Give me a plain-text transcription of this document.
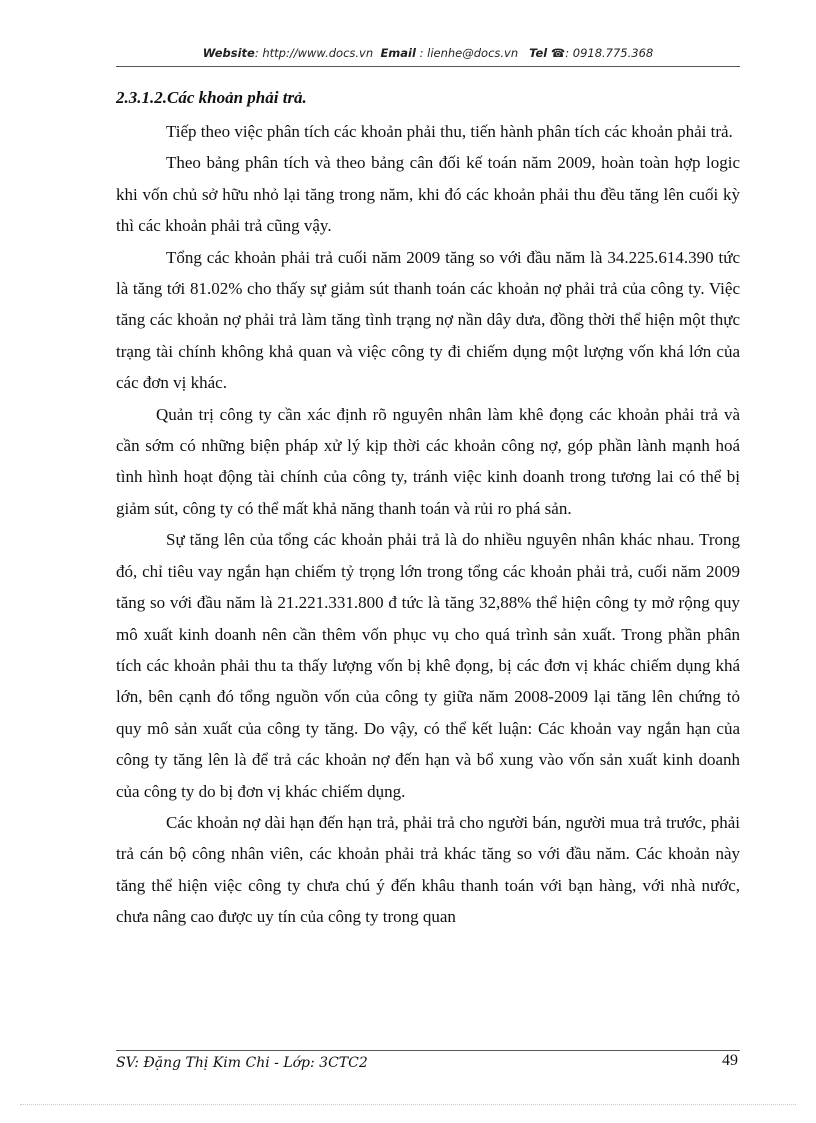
Website: http://www.docs.vn Email : lienhe@docs.vn Tel ☎: 0918.775.368

2.3.1.2.Các khoản phải trả.

Tiếp theo việc phân tích các khoản phải thu, tiến hành phân tích các khoản phải trả.

Theo bảng phân tích và theo bảng cân đối kế toán năm 2009, hoàn toàn hợp logic khi vốn chủ sở hữu nhỏ lại tăng trong năm, khi đó các khoản phải thu đều tăng lên cuối kỳ thì các khoản phải trả cũng vậy.

Tổng các khoản phải trả cuối năm 2009 tăng so với đầu năm là 34.225.614.390 tức là tăng tới 81.02% cho thấy sự giảm sút thanh toán các khoản nợ phải trả của công ty. Việc tăng các khoản nợ phải trả làm tăng tình trạng nợ nần dây dưa, đồng thời thể hiện một thực trạng tài chính không khả quan và việc công ty đi chiếm dụng một lượng vốn khá lớn của các đơn vị khác.

Quản trị công ty cần xác định rõ nguyên nhân làm khê đọng các khoản phải trả và cần sớm có những biện pháp xử lý kịp thời các khoản công nợ, góp phần lành mạnh hoá tình hình hoạt động tài chính của công ty, tránh việc kinh doanh trong tương lai có thể bị giảm sút, công ty có thể mất khả năng thanh toán và rủi ro phá sản.

Sự tăng lên của tổng các khoản phải trả là do nhiều nguyên nhân khác nhau. Trong đó, chỉ tiêu vay ngắn hạn chiếm tỷ trọng lớn trong tổng các khoản phải trả, cuối năm 2009 tăng so với đầu năm là 21.221.331.800 đ tức là tăng 32,88% thể hiện công ty mở rộng quy mô xuất kinh doanh nên cần thêm vốn phục vụ cho quá trình sản xuất. Trong phần phân tích các khoản phải thu ta thấy lượng vốn bị khê đọng, bị các đơn vị khác chiếm dụng khá lớn, bên cạnh đó tổng nguồn vốn của công ty giữa năm 2008-2009 lại tăng lên chứng tỏ quy mô sản xuất của công ty tăng. Do vậy, có thể kết luận: Các khoản vay ngắn hạn của công ty tăng lên là để trả các khoản nợ đến hạn và bổ xung vào vốn sản xuất kinh doanh của công ty do bị đơn vị khác chiếm dụng.

Các khoản nợ dài hạn đến hạn trả, phải trả cho người bán, người mua trả trước, phải trả cán bộ công nhân viên, các khoản phải trả khác tăng so với đầu năm. Các khoản này tăng thể hiện việc công ty chưa chú ý đến khâu thanh toán với bạn hàng, với nhà nước, chưa nâng cao được uy tín của công ty trong quan

SV: Đặng Thị Kim Chi - Lớp: 3CTC2	49
